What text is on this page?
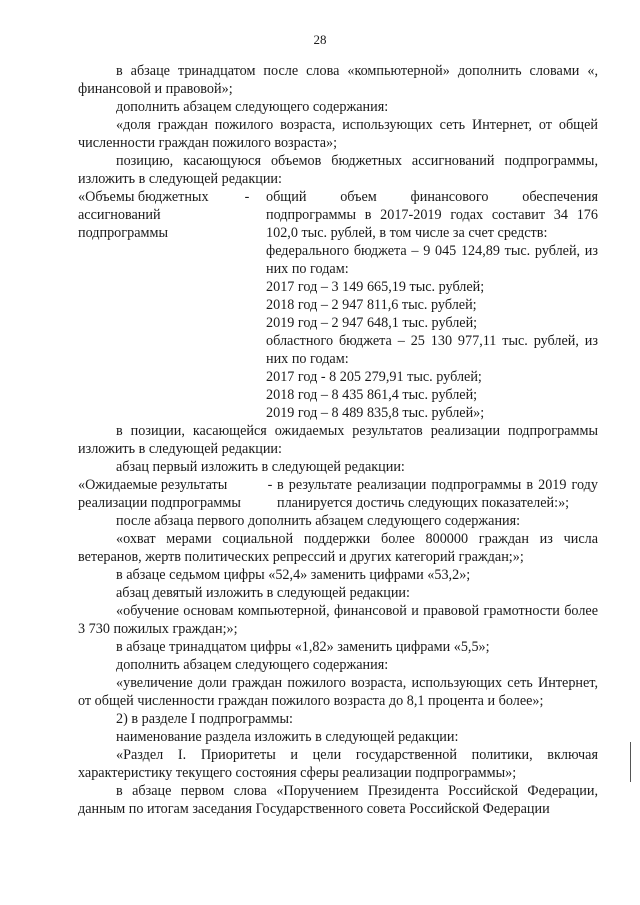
28

в абзаце тринадцатом после слова «компьютерной» дополнить словами «, финансовой и правовой»;

дополнить абзацем следующего содержания:

«доля граждан пожилого возраста, использующих сеть Интернет, от общей численности граждан пожилого возраста»;

позицию, касающуюся объемов бюджетных ассигнований подпрограммы, изложить в следующей редакции:

«Объемы бюджетных ассигнований подпрограммы
-	общий объем финансового обеспечения подпрограммы в 2017-2019 годах составит 34 176 102,0 тыс. рублей, в том числе за счет средств:
федерального бюджета – 9 045 124,89 тыс. рублей, из них по годам:
2017 год – 3 149 665,19 тыс. рублей;
2018 год – 2 947 811,6 тыс. рублей;
2019 год – 2 947 648,1 тыс. рублей;
областного бюджета – 25 130 977,11 тыс. рублей, из них по годам:
2017 год - 8 205 279,91 тыс. рублей;
2018 год – 8 435 861,4 тыс. рублей;
2019 год – 8 489 835,8 тыс. рублей»;

в позиции, касающейся ожидаемых результатов реализации подпрограммы изложить в следующей редакции:

абзац первый изложить в следующей редакции:

«Ожидаемые результаты реализации подпрограммы
- в результате реализации подпрограммы в 2019 году планируется достичь следующих показателей:»;

после абзаца первого дополнить абзацем следующего содержания:

«охват мерами социальной поддержки более 800000 граждан из числа ветеранов, жертв политических репрессий и других категорий граждан;»;

в абзаце седьмом цифры «52,4» заменить цифрами «53,2»;

абзац девятый изложить в следующей редакции:

«обучение основам компьютерной, финансовой и правовой грамотности более 3 730 пожилых граждан;»;

в абзаце тринадцатом цифры «1,82» заменить цифрами «5,5»;

дополнить абзацем следующего содержания:

«увеличение доли граждан пожилого возраста, использующих сеть Интернет, от общей численности граждан пожилого возраста до 8,1 процента и более»;

2) в разделе I подпрограммы:

наименование раздела изложить в следующей редакции:

«Раздел I. Приоритеты и цели государственной политики, включая характеристику текущего состояния сферы реализации подпрограммы»;

в абзаце первом слова «Поручением Президента Российской Федерации, данным по итогам заседания Государственного совета Российской Федерации
